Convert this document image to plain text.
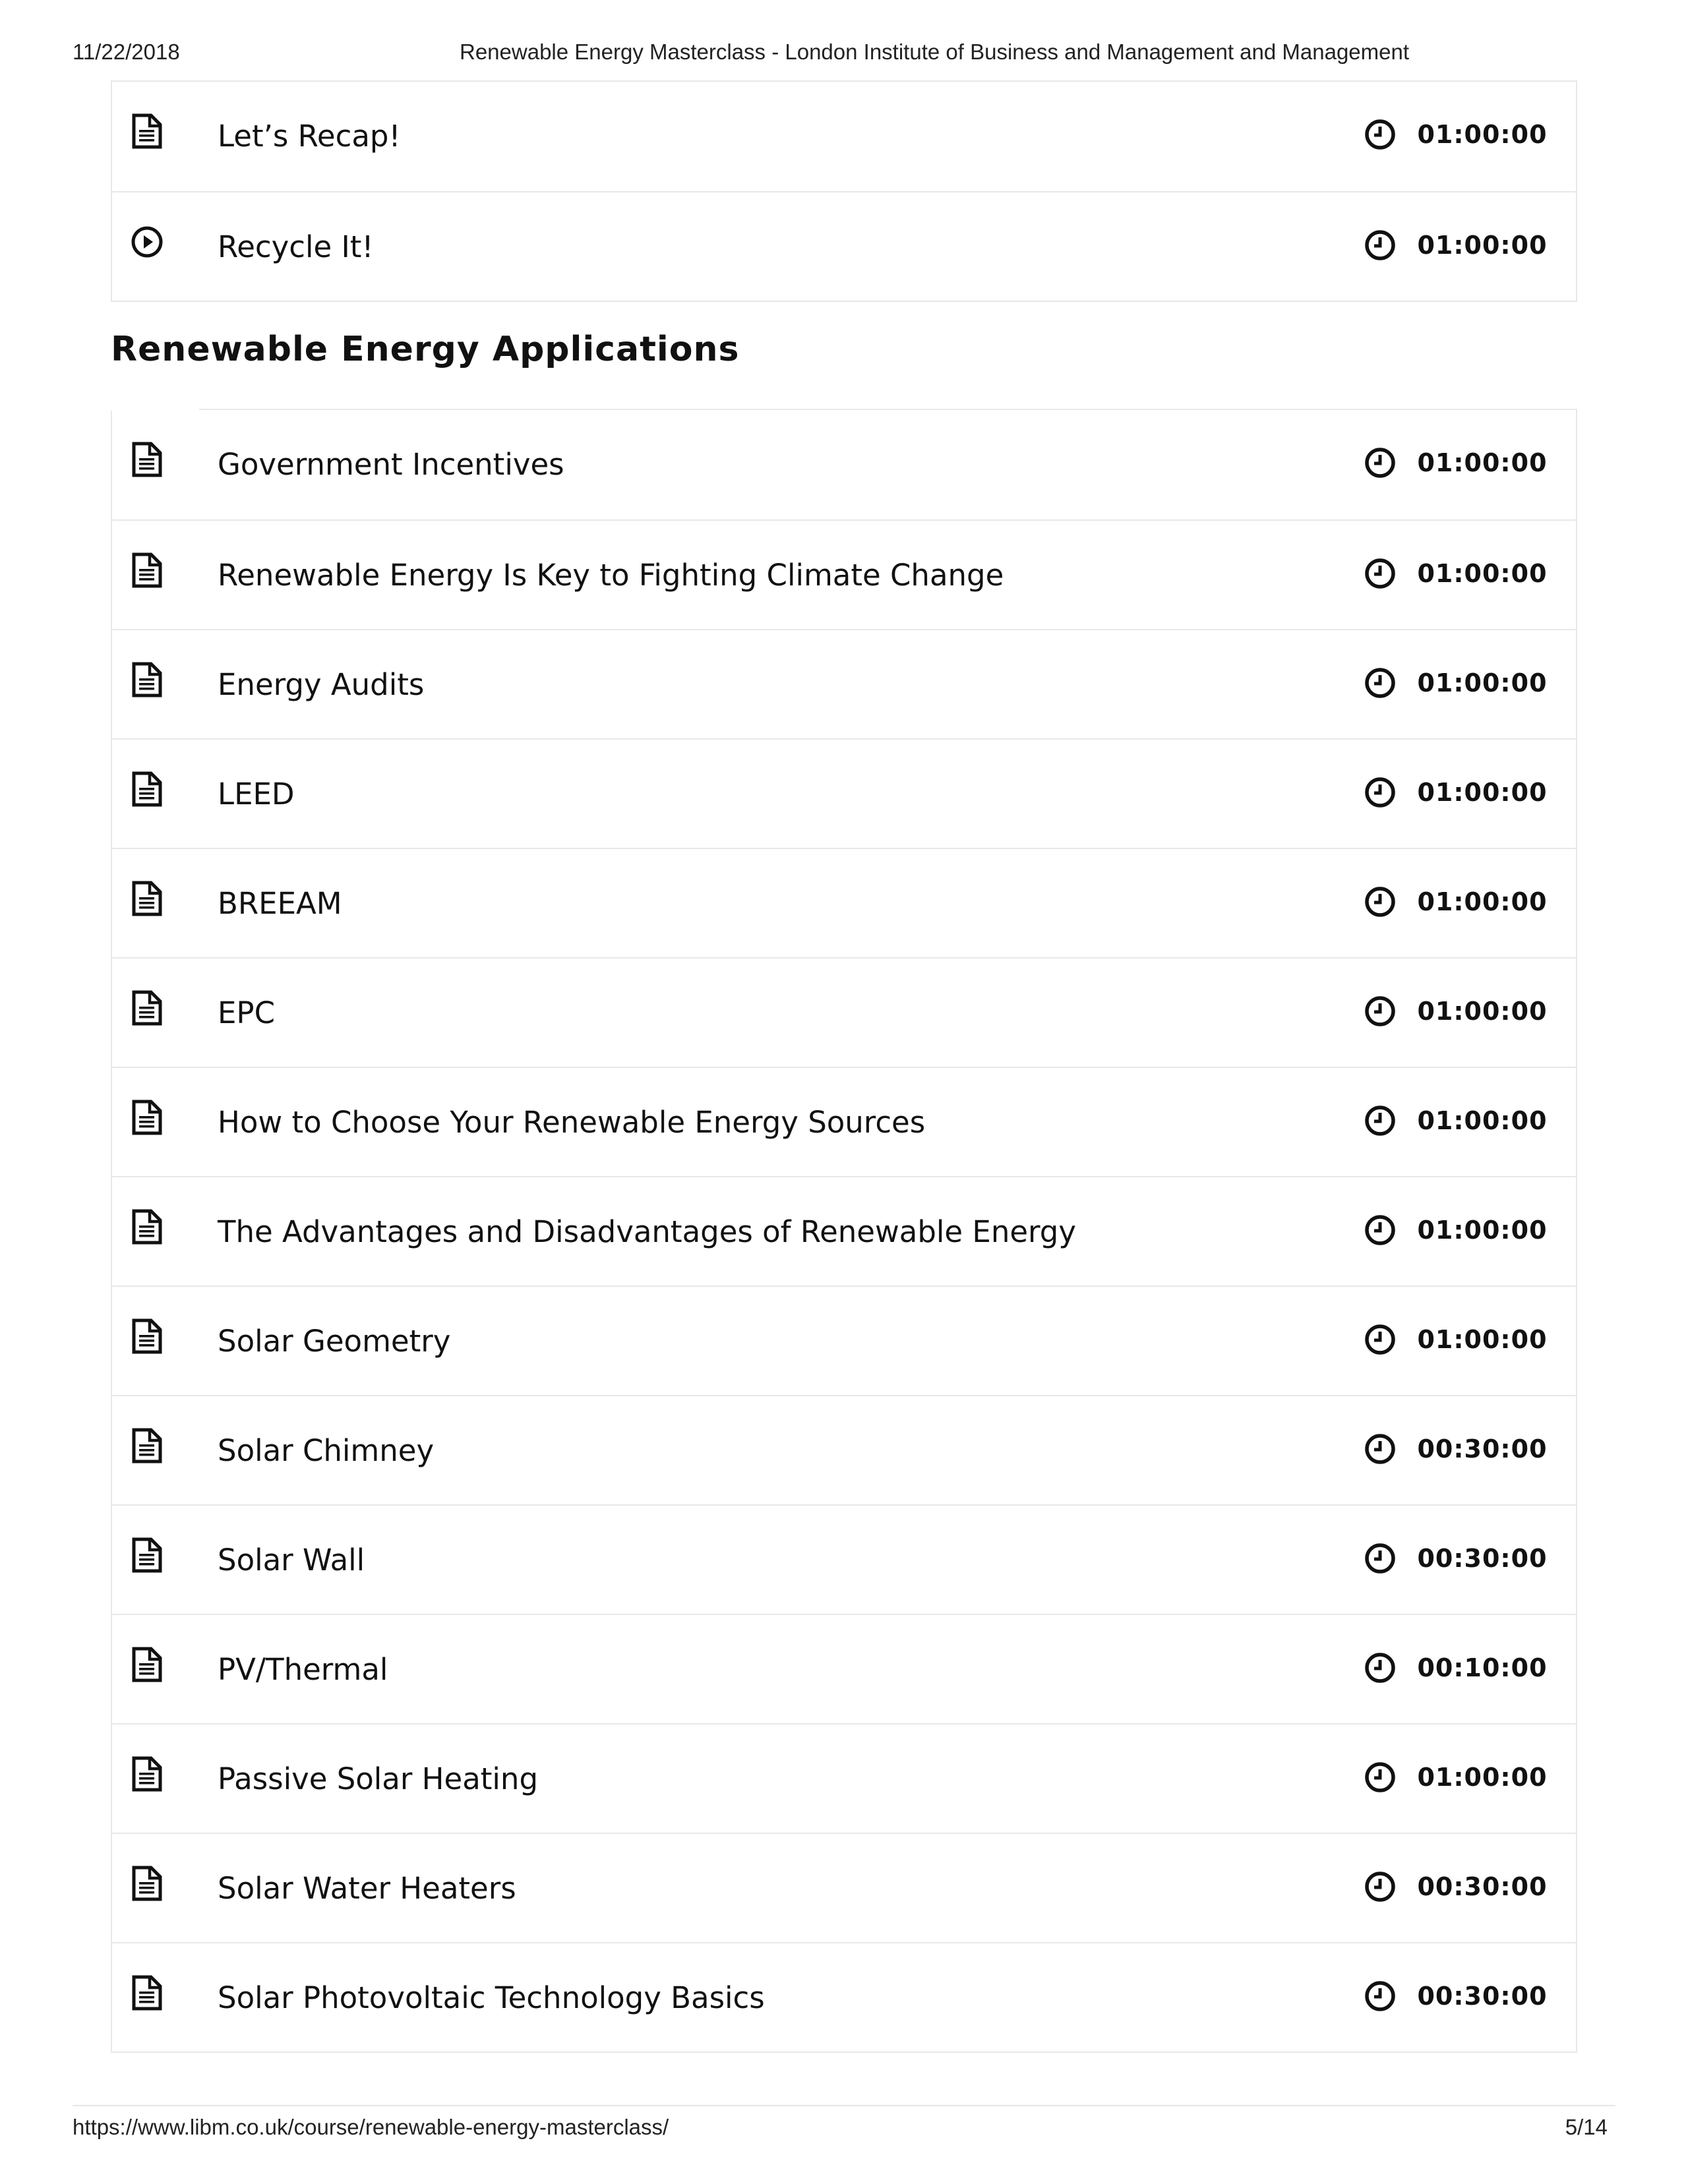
11/22/2018	Renewable Energy Masterclass - London Institute of Business and Management and Management
Let’s Recap!	01:00:00
Recycle It!	01:00:00
Renewable Energy Applications
Government Incentives	01:00:00
Renewable Energy Is Key to Fighting Climate Change	01:00:00
Energy Audits	01:00:00
LEED	01:00:00
BREEAM	01:00:00
EPC	01:00:00
How to Choose Your Renewable Energy Sources	01:00:00
The Advantages and Disadvantages of Renewable Energy	01:00:00
Solar Geometry	01:00:00
Solar Chimney	00:30:00
Solar Wall	00:30:00
PV/Thermal	00:10:00
Passive Solar Heating	01:00:00
Solar Water Heaters	00:30:00
Solar Photovoltaic Technology Basics	00:30:00
https://www.libm.co.uk/course/renewable-energy-masterclass/	5/14
